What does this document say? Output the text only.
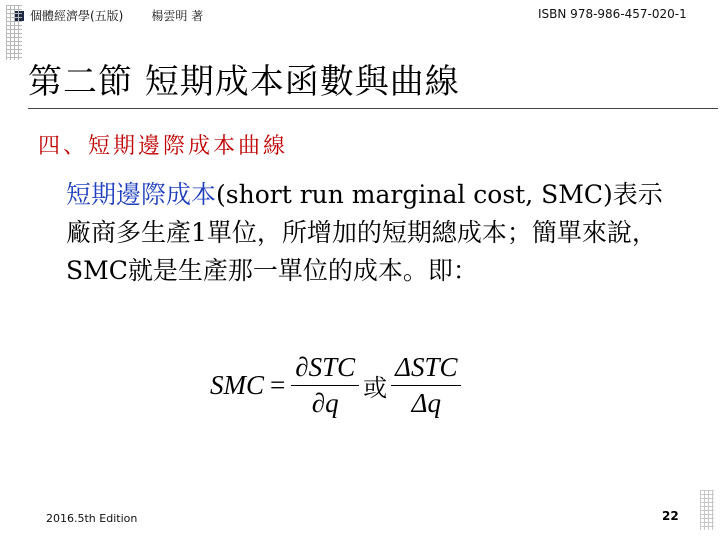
個體經濟學(五版) 楊雲明 著	ISBN 978-986-457-020-1
第二節 短期成本函數與曲線
四、短期邊際成本曲線
短期邊際成本(short run marginal cost, SMC)表示廠商多生產1單位，所增加的短期總成本；簡單來說，SMC就是生產那一單位的成本。即：
SMC = $\frac{\text{∂STC}}{\partial q}$ 或 $\frac{\text{ΔSTC}}{\Delta q}$
2016.5th Edition	22
